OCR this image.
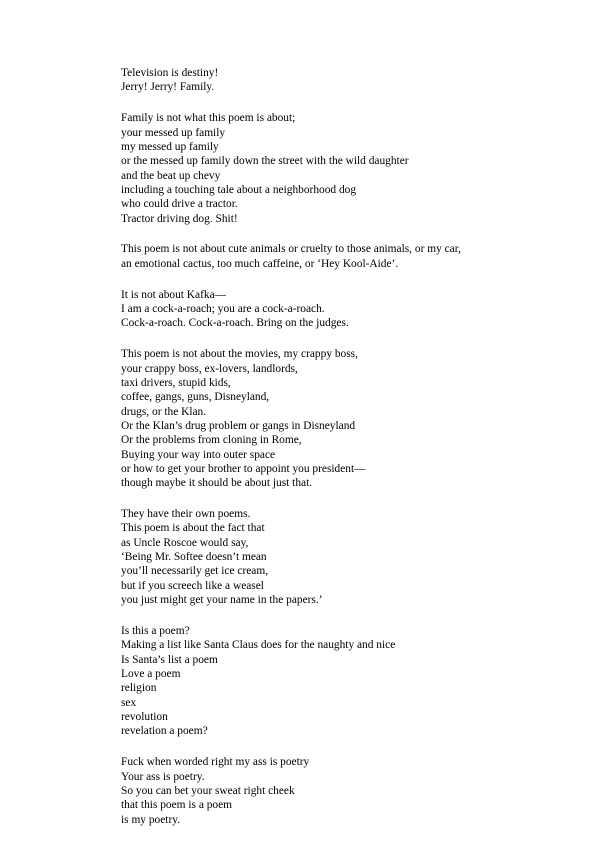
Television is destiny!
Jerry! Jerry! Family.
Family is not what this poem is about;
your messed up family
my messed up family
or the messed up family down the street with the wild daughter
and the beat up chevy
including a touching tale about a neighborhood dog
who could drive a tractor.
Tractor driving dog. Shit!
This poem is not about cute animals or cruelty to those animals, or my car,
an emotional cactus, too much caffeine, or ‘Hey Kool-Aide’.
It is not about Kafka—
I am a cock-a-roach; you are a cock-a-roach.
Cock-a-roach. Cock-a-roach. Bring on the judges.
This poem is not about the movies, my crappy boss,
your crappy boss, ex-lovers, landlords,
taxi drivers, stupid kids,
coffee, gangs, guns, Disneyland,
drugs, or the Klan.
Or the Klan’s drug problem or gangs in Disneyland
Or the problems from cloning in Rome,
Buying your way into outer space
or how to get your brother to appoint you president—
though maybe it should be about just that.
They have their own poems.
This poem is about the fact that
as Uncle Roscoe would say,
‘Being Mr. Softee doesn’t mean
you’ll necessarily get ice cream,
but if you screech like a weasel
you just might get your name in the papers.’
Is this a poem?
Making a list like Santa Claus does for the naughty and nice
Is Santa’s list a poem
Love a poem
religion
sex
revolution
revelation a poem?
Fuck when worded right my ass is poetry
Your ass is poetry.
So you can bet your sweat right cheek
that this poem is a poem
is my poetry.
